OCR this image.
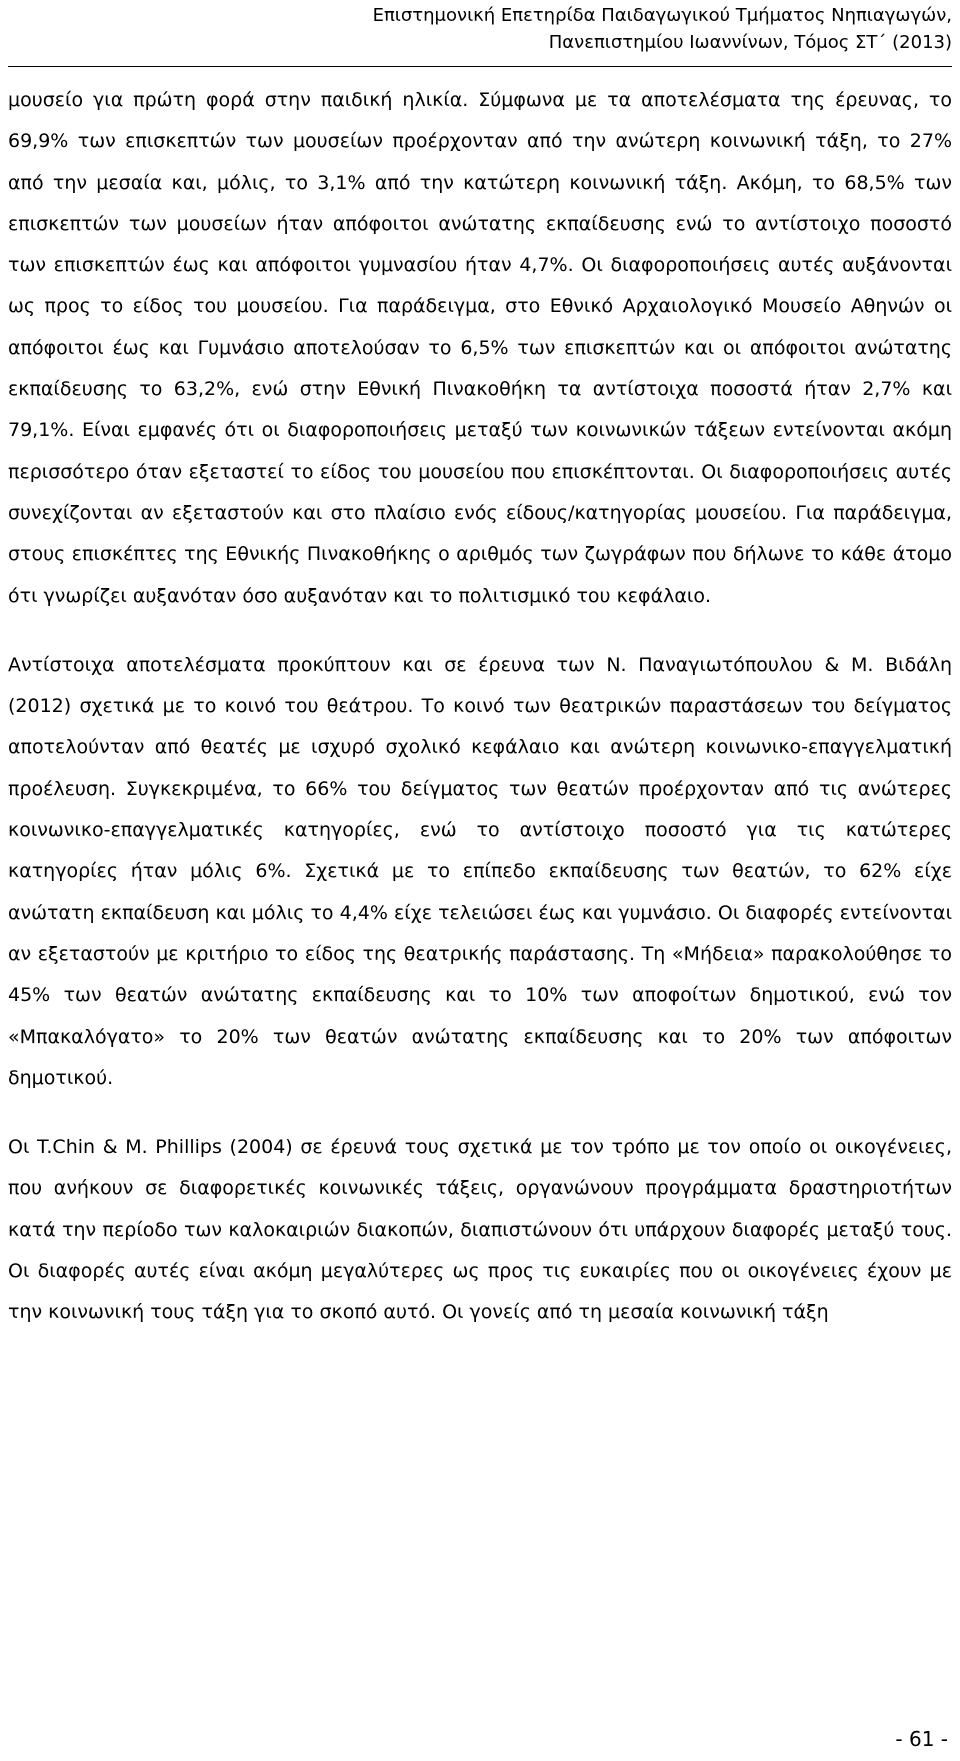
Επιστημονική Επετηρίδα Παιδαγωγικού Τμήματος Νηπιαγωγών,
Πανεπιστημίου Ιωαννίνων, Τόμος ΣΤ΄ (2013)

μουσείο για πρώτη φορά στην παιδική ηλικία. Σύμφωνα με τα αποτελέσματα της έρευνας, το 69,9% των επισκεπτών των μουσείων προέρχονταν από την ανώτερη κοινωνική τάξη, το 27% από την μεσαία και, μόλις, το 3,1% από την κατώτερη κοινωνική τάξη. Ακόμη, το 68,5% των επισκεπτών των μουσείων ήταν απόφοιτοι ανώτατης εκπαίδευσης ενώ το αντίστοιχο ποσοστό των επισκεπτών έως και απόφοιτοι γυμνασίου ήταν 4,7%. Οι διαφοροποιήσεις αυτές αυξάνονται ως προς το είδος του μουσείου. Για παράδειγμα, στο Εθνικό Αρχαιολογικό Μουσείο Αθηνών οι απόφοιτοι έως και Γυμνάσιο αποτελούσαν το 6,5% των επισκεπτών και οι απόφοιτοι ανώτατης εκπαίδευσης το 63,2%, ενώ στην Εθνική Πινακοθήκη τα αντίστοιχα ποσοστά ήταν 2,7% και 79,1%. Είναι εμφανές ότι οι διαφοροποιήσεις μεταξύ των κοινωνικών τάξεων εντείνονται ακόμη περισσότερο όταν εξεταστεί το είδος του μουσείου που επισκέπτονται. Οι διαφοροποιήσεις αυτές συνεχίζονται αν εξεταστούν και στο πλαίσιο ενός είδους/κατηγορίας μουσείου. Για παράδειγμα, στους επισκέπτες της Εθνικής Πινακοθήκης ο αριθμός των ζωγράφων που δήλωνε το κάθε άτομο ότι γνωρίζει αυξανόταν όσο αυξανόταν και το πολιτισμικό του κεφάλαιο.

Αντίστοιχα αποτελέσματα προκύπτουν και σε έρευνα των Ν. Παναγιωτόπουλου & Μ. Βιδάλη (2012) σχετικά με το κοινό του θεάτρου. Το κοινό των θεατρικών παραστάσεων του δείγματος αποτελούνταν από θεατές με ισχυρό σχολικό κεφάλαιο και ανώτερη κοινωνικο-επαγγελματική προέλευση. Συγκεκριμένα, το 66% του δείγματος των θεατών προέρχονταν από τις ανώτερες κοινωνικο-επαγγελματικές κατηγορίες, ενώ το αντίστοιχο ποσοστό για τις κατώτερες κατηγορίες ήταν μόλις 6%. Σχετικά με το επίπεδο εκπαίδευσης των θεατών, το 62% είχε ανώτατη εκπαίδευση και μόλις το 4,4% είχε τελειώσει έως και γυμνάσιο. Οι διαφορές εντείνονται αν εξεταστούν με κριτήριο το είδος της θεατρικής παράστασης. Τη «Μήδεια» παρακολούθησε το 45% των θεατών ανώτατης εκπαίδευσης και το 10% των αποφοίτων δημοτικού, ενώ τον «Μπακαλόγατο» το 20% των θεατών ανώτατης εκπαίδευσης και το 20% των απόφοιτων δημοτικού.

Οι T.Chin & M. Phillips (2004) σε έρευνά τους σχετικά με τον τρόπο με τον οποίο οι οικογένειες, που ανήκουν σε διαφορετικές κοινωνικές τάξεις, οργανώνουν προγράμματα δραστηριοτήτων κατά την περίοδο των καλοκαιριών διακοπών, διαπιστώνουν ότι υπάρχουν διαφορές μεταξύ τους. Οι διαφορές αυτές είναι ακόμη μεγαλύτερες ως προς τις ευκαιρίες που οι οικογένειες έχουν με την κοινωνική τους τάξη για το σκοπό αυτό. Οι γονείς από τη μεσαία κοινωνική τάξη

- 61 -
